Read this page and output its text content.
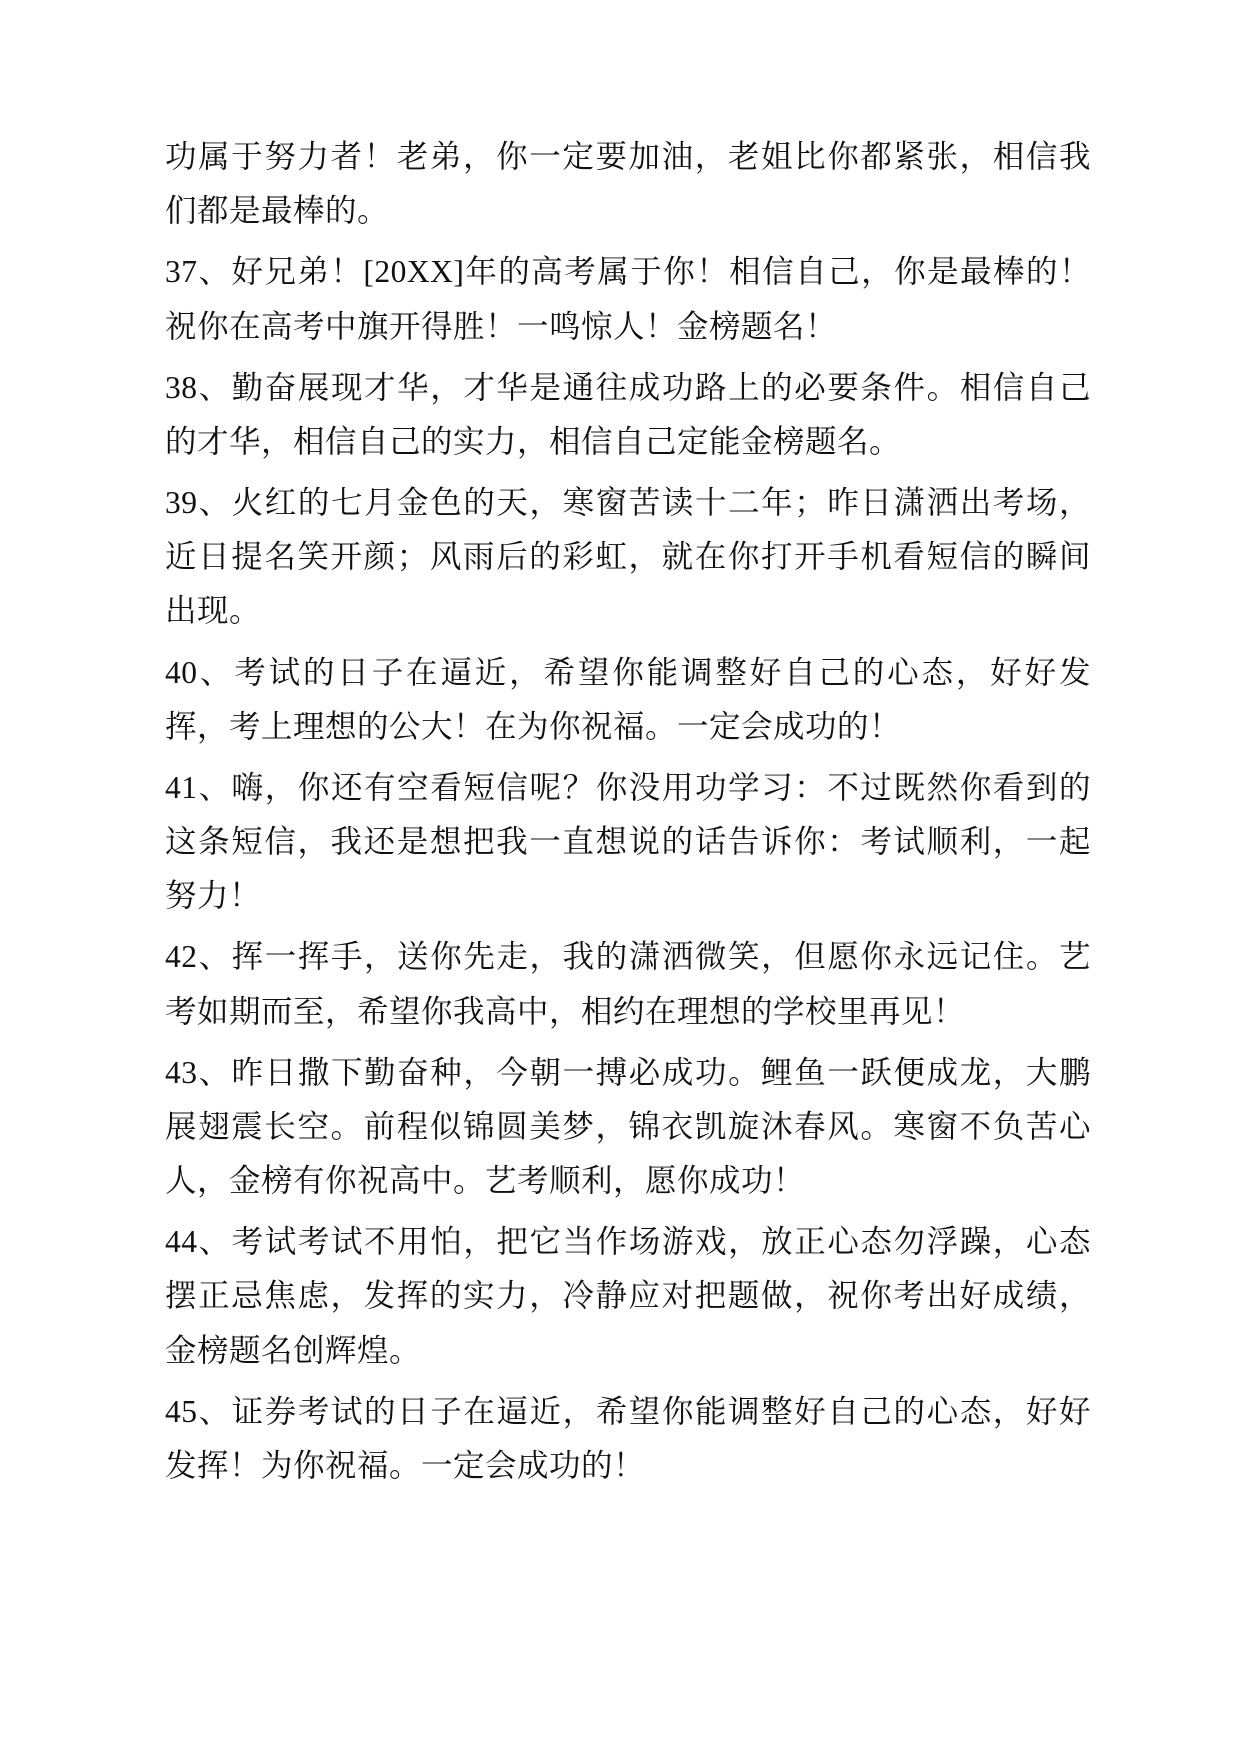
功属于努力者！老弟，你一定要加油，老姐比你都紧张，相信我们都是最棒的。

37、好兄弟！[20XX]年的高考属于你！相信自己，你是最棒的！祝你在高考中旗开得胜！一鸣惊人！金榜题名！

38、勤奋展现才华，才华是通往成功路上的必要条件。相信自己的才华，相信自己的实力，相信自己定能金榜题名。

39、火红的七月金色的天，寒窗苦读十二年；昨日潇洒出考场，近日提名笑开颜；风雨后的彩虹，就在你打开手机看短信的瞬间出现。

40、考试的日子在逼近，希望你能调整好自己的心态，好好发挥，考上理想的公大！在为你祝福。一定会成功的！

41、嗨，你还有空看短信呢？你没用功学习：不过既然你看到的这条短信，我还是想把我一直想说的话告诉你：考试顺利，一起努力！

42、挥一挥手，送你先走，我的潇洒微笑，但愿你永远记住。艺考如期而至，希望你我高中，相约在理想的学校里再见！

43、昨日撒下勤奋种，今朝一搏必成功。鲤鱼一跃便成龙，大鹏展翅震长空。前程似锦圆美梦，锦衣凯旋沐春风。寒窗不负苦心人，金榜有你祝高中。艺考顺利，愿你成功！

44、考试考试不用怕，把它当作场游戏，放正心态勿浮躁，心态摆正忌焦虑，发挥的实力，冷静应对把题做，祝你考出好成绩，金榜题名创辉煌。

45、证券考试的日子在逼近，希望你能调整好自己的心态，好好发挥！为你祝福。一定会成功的！
